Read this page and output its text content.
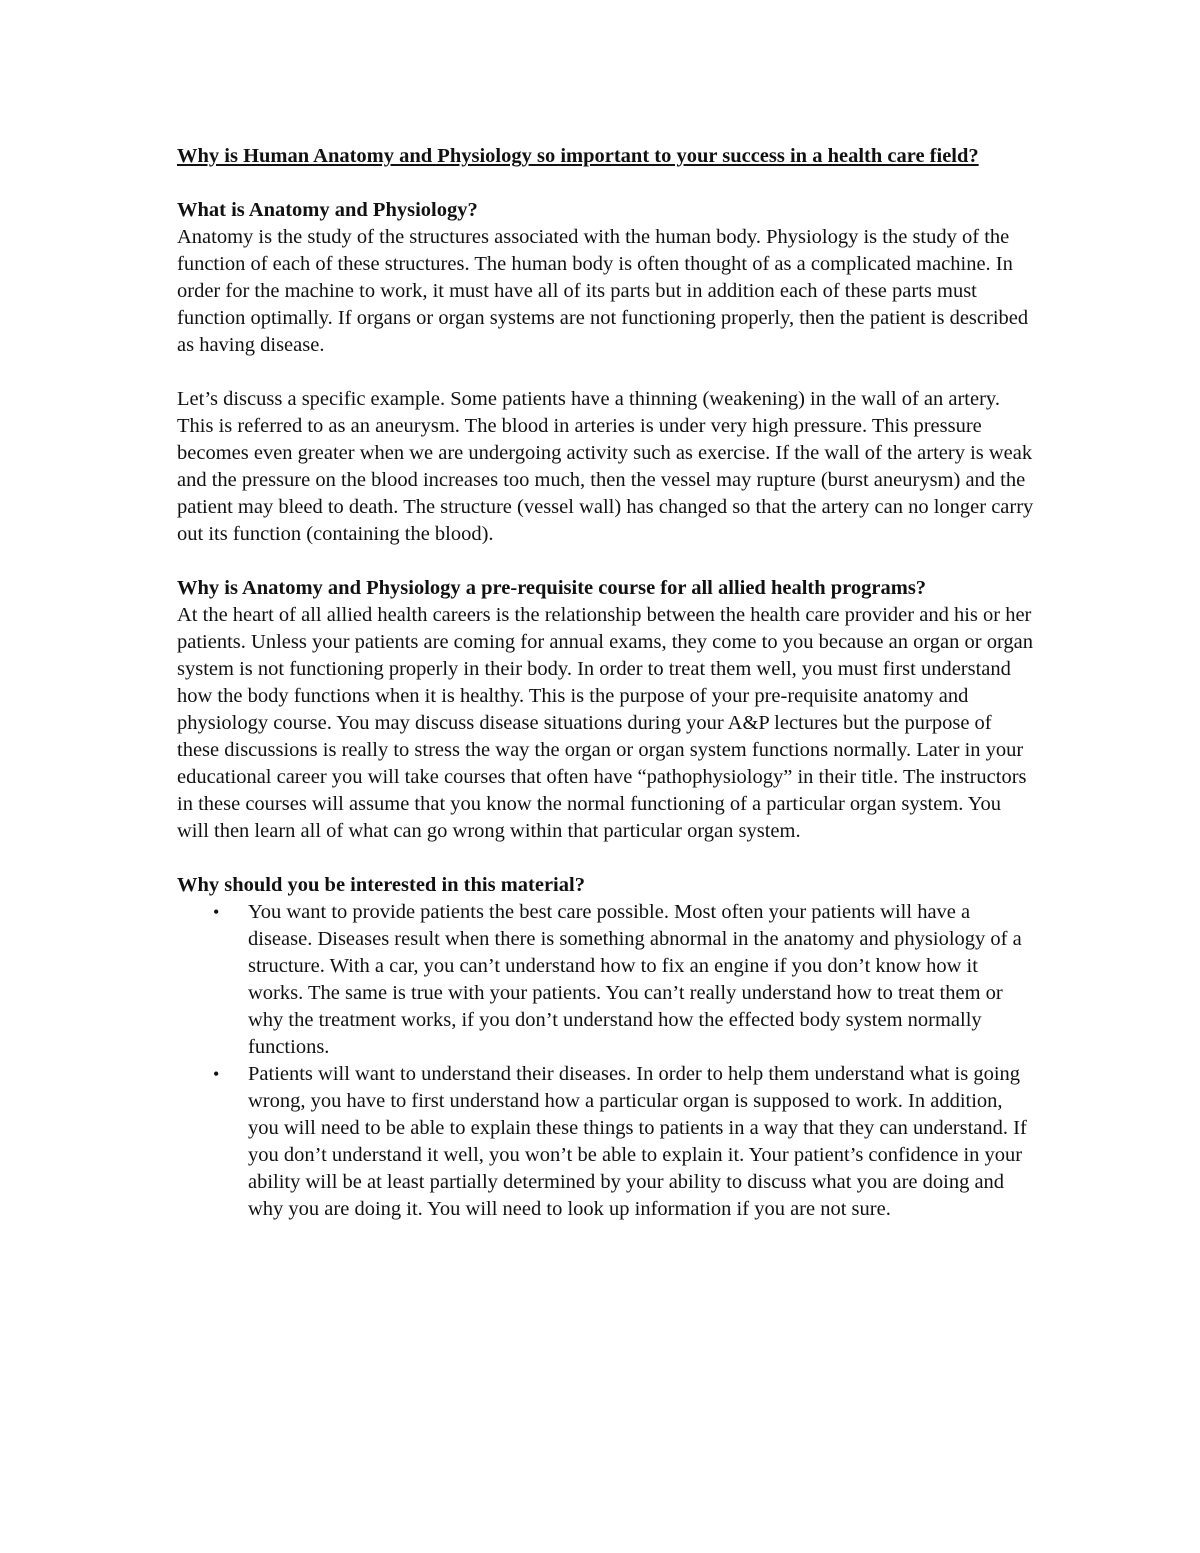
Why is Human Anatomy and Physiology so important to your success in a health care field?

What is Anatomy and Physiology?

Anatomy is the study of the structures associated with the human body. Physiology is the study of the function of each of these structures. The human body is often thought of as a complicated machine. In order for the machine to work, it must have all of its parts but in addition each of these parts must function optimally. If organs or organ systems are not functioning properly, then the patient is described as having disease.

Let’s discuss a specific example. Some patients have a thinning (weakening) in the wall of an artery. This is referred to as an aneurysm. The blood in arteries is under very high pressure. This pressure becomes even greater when we are undergoing activity such as exercise. If the wall of the artery is weak and the pressure on the blood increases too much, then the vessel may rupture (burst aneurysm) and the patient may bleed to death. The structure (vessel wall) has changed so that the artery can no longer carry out its function (containing the blood).

Why is Anatomy and Physiology a pre-requisite course for all allied health programs?

At the heart of all allied health careers is the relationship between the health care provider and his or her patients. Unless your patients are coming for annual exams, they come to you because an organ or organ system is not functioning properly in their body. In order to treat them well, you must first understand how the body functions when it is healthy. This is the purpose of your pre-requisite anatomy and physiology course. You may discuss disease situations during your A&P lectures but the purpose of these discussions is really to stress the way the organ or organ system functions normally. Later in your educational career you will take courses that often have “pathophysiology” in their title. The instructors in these courses will assume that you know the normal functioning of a particular organ system. You will then learn all of what can go wrong within that particular organ system.

Why should you be interested in this material?

• You want to provide patients the best care possible. Most often your patients will have a disease. Diseases result when there is something abnormal in the anatomy and physiology of a structure. With a car, you can’t understand how to fix an engine if you don’t know how it works. The same is true with your patients. You can’t really understand how to treat them or why the treatment works, if you don’t understand how the effected body system normally functions.
• Patients will want to understand their diseases. In order to help them understand what is going wrong, you have to first understand how a particular organ is supposed to work. In addition, you will need to be able to explain these things to patients in a way that they can understand. If you don’t understand it well, you won’t be able to explain it. Your patient’s confidence in your ability will be at least partially determined by your ability to discuss what you are doing and why you are doing it. You will need to look up information if you are not sure.
